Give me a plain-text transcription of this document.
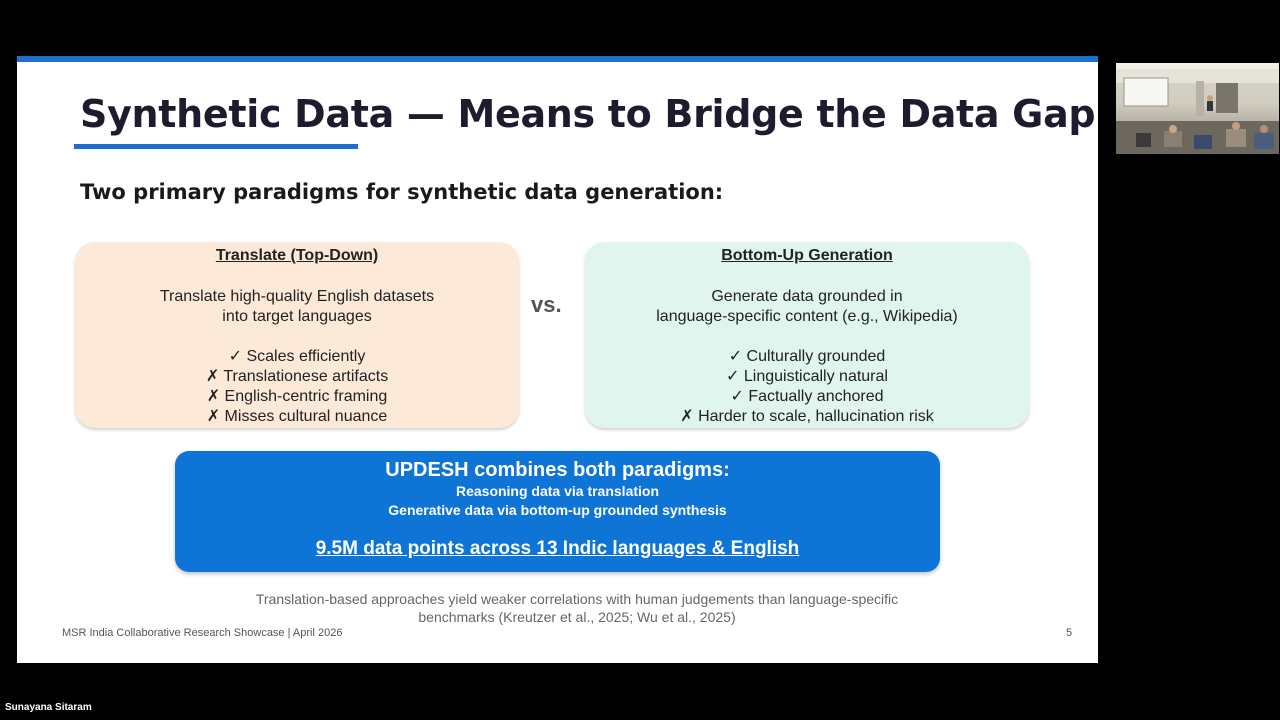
Synthetic Data — Means to Bridge the Data Gap
Two primary paradigms for synthetic data generation:
Translate (Top-Down)
Translate high-quality English datasets
into target languages
✓ Scales efficiently
✗ Translationese artifacts
✗ English-centric framing
✗ Misses cultural nuance
vs.
Bottom-Up Generation
Generate data grounded in
language-specific content (e.g., Wikipedia)
✓ Culturally grounded
✓ Linguistically natural
✓ Factually anchored
✗ Harder to scale, hallucination risk
UPDESH combines both paradigms:
Reasoning data via translation
Generative data via bottom-up grounded synthesis
9.5M data points across 13 Indic languages & English
Translation-based approaches yield weaker correlations with human judgements than language-specific
benchmarks (Kreutzer et al., 2025; Wu et al., 2025)
MSR India Collaborative Research Showcase | April 2026	5
Sunayana Sitaram
